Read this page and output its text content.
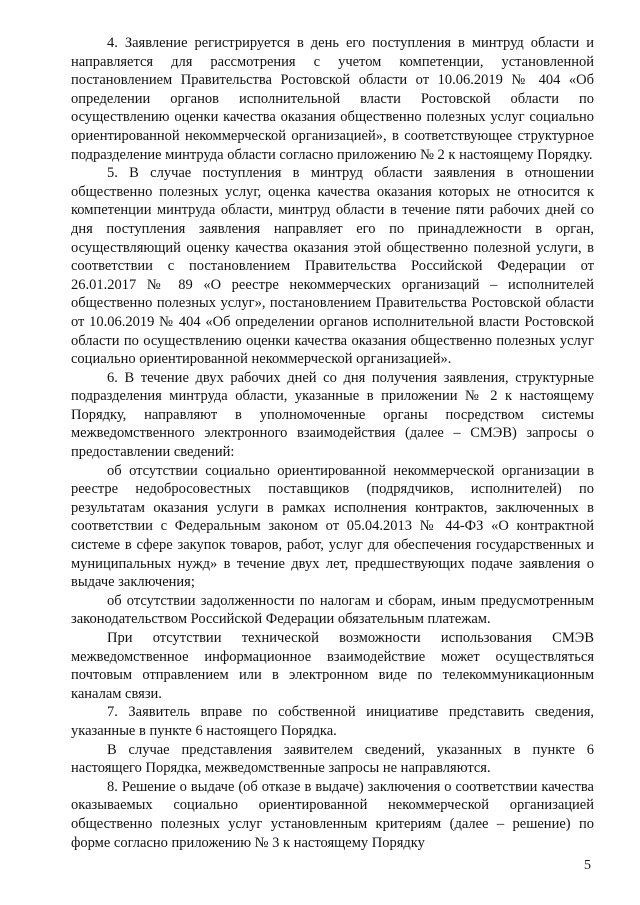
4. Заявление регистрируется в день его поступления в минтруд области и направляется для рассмотрения с учетом компетенции, установленной постановлением Правительства Ростовской области от 10.06.2019 № 404 «Об определении органов исполнительной власти Ростовской области по осуществлению оценки качества оказания общественно полезных услуг социально ориентированной некоммерческой организацией», в соответствующее структурное подразделение минтруда области согласно приложению № 2 к настоящему Порядку.

5. В случае поступления в минтруд области заявления в отношении общественно полезных услуг, оценка качества оказания которых не относится к компетенции минтруда области, минтруд области в течение пяти рабочих дней со дня поступления заявления направляет его по принадлежности в орган, осуществляющий оценку качества оказания этой общественно полезной услуги, в соответствии с постановлением Правительства Российской Федерации от 26.01.2017 № 89 «О реестре некоммерческих организаций – исполнителей общественно полезных услуг», постановлением Правительства Ростовской области от 10.06.2019 № 404 «Об определении органов исполнительной власти Ростовской области по осуществлению оценки качества оказания общественно полезных услуг социально ориентированной некоммерческой организацией».

6. В течение двух рабочих дней со дня получения заявления, структурные подразделения минтруда области, указанные в приложении № 2 к настоящему Порядку, направляют в уполномоченные органы посредством системы межведомственного электронного взаимодействия (далее – СМЭВ) запросы о предоставлении сведений:

об отсутствии социально ориентированной некоммерческой организации в реестре недобросовестных поставщиков (подрядчиков, исполнителей) по результатам оказания услуги в рамках исполнения контрактов, заключенных в соответствии с Федеральным законом от 05.04.2013 № 44-ФЗ «О контрактной системе в сфере закупок товаров, работ, услуг для обеспечения государственных и муниципальных нужд» в течение двух лет, предшествующих подаче заявления о выдаче заключения;

об отсутствии задолженности по налогам и сборам, иным предусмотренным законодательством Российской Федерации обязательным платежам.

При отсутствии технической возможности использования СМЭВ межведомственное информационное взаимодействие может осуществляться почтовым отправлением или в электронном виде по телекоммуникационным каналам связи.

7. Заявитель вправе по собственной инициативе представить сведения, указанные в пункте 6 настоящего Порядка.

В случае представления заявителем сведений, указанных в пункте 6 настоящего Порядка, межведомственные запросы не направляются.

8. Решение о выдаче (об отказе в выдаче) заключения о соответствии качества оказываемых социально ориентированной некоммерческой организацией общественно полезных услуг установленным критериям (далее – решение) по форме согласно приложению № 3 к настоящему Порядку

5
